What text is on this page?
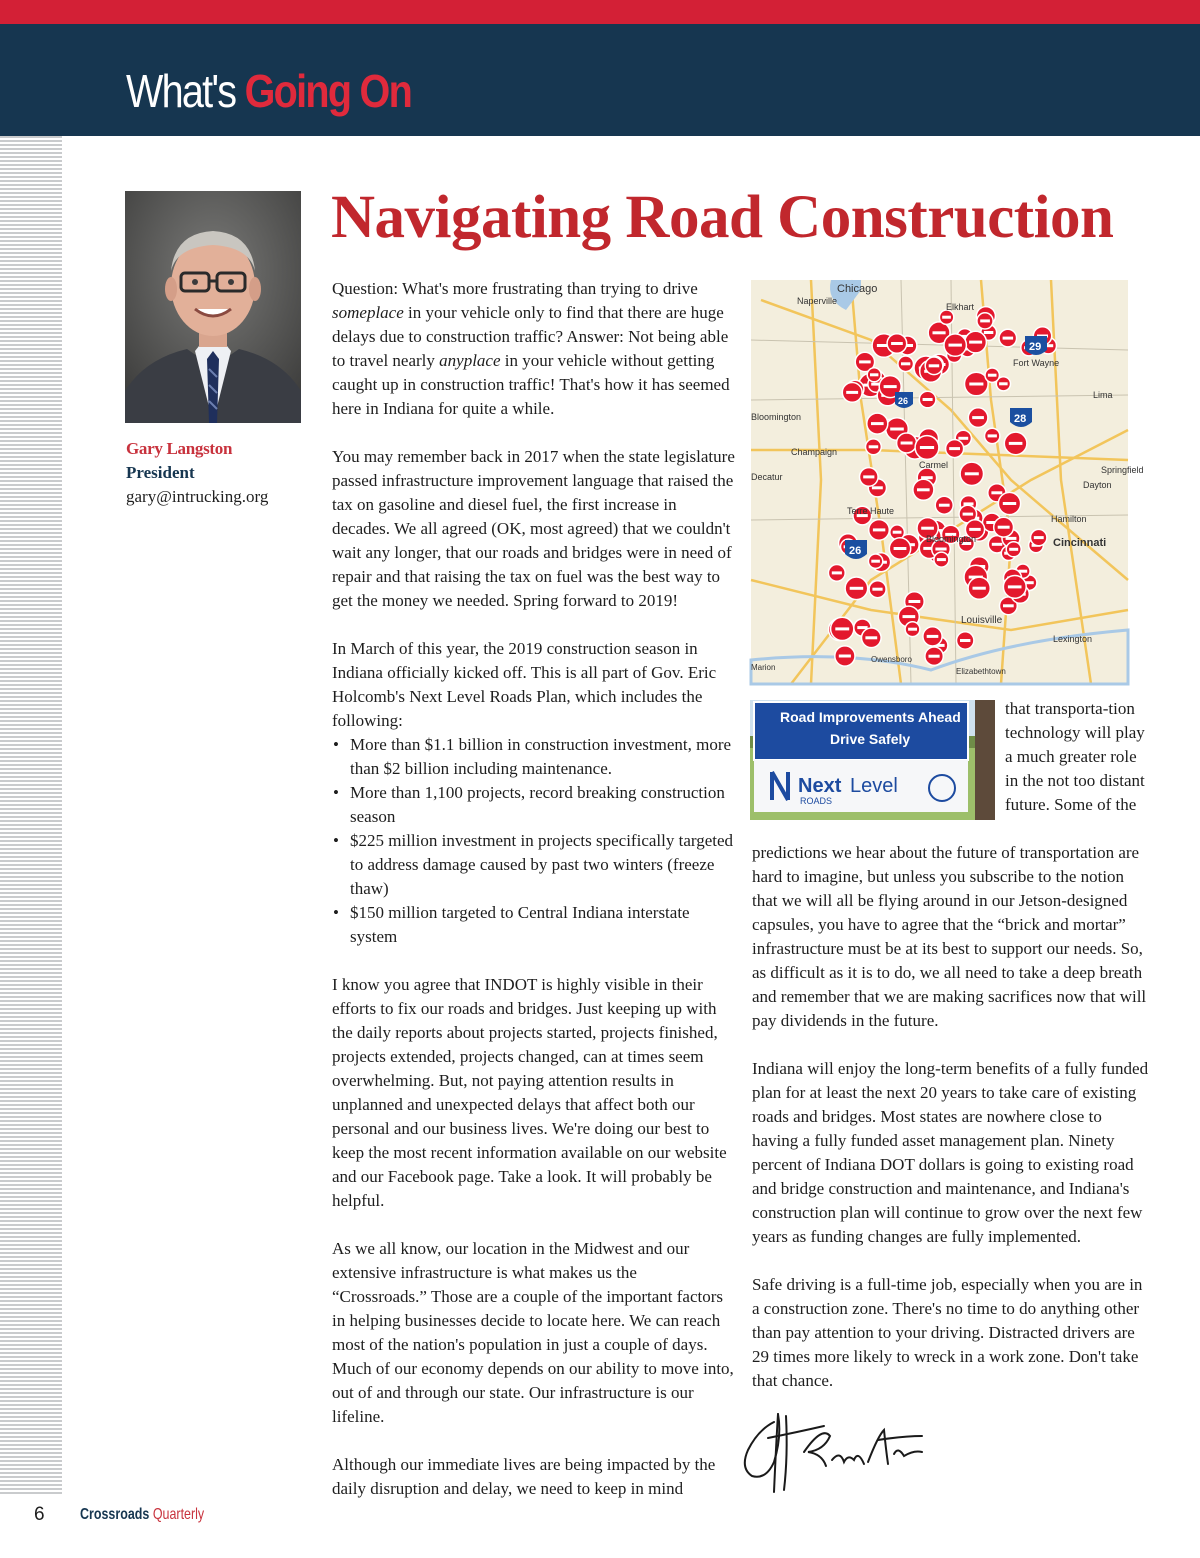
What's Going On
Gary Langston
President
gary@intrucking.org
Navigating Road Construction

Question: What's more frustrating than trying to drive someplace in your vehicle only to find that there are huge delays due to construction traffic? Answer: Not being able to travel nearly anyplace in your vehicle without getting caught up in construction traffic! That's how it has seemed here in Indiana for quite a while.

You may remember back in 2017 when the state legislature passed infrastructure improvement language that raised the tax on gasoline and diesel fuel, the first increase in decades. We all agreed (OK, most agreed) that we couldn't wait any longer, that our roads and bridges were in need of repair and that raising the tax on fuel was the best way to get the money we needed. Spring forward to 2019!

In March of this year, the 2019 construction season in Indiana officially kicked off. This is all part of Gov. Eric Holcomb's Next Level Roads Plan, which includes the following:

• More than $1.1 billion in construction investment, more than $2 billion including maintenance.
• More than 1,100 projects, record breaking construction season
• $225 million investment in projects specifically targeted to address damage caused by past two winters (freeze thaw)
• $150 million targeted to Central Indiana interstate system

I know you agree that INDOT is highly visible in their efforts to fix our roads and bridges. Just keeping up with the daily reports about projects started, projects finished, projects extended, projects changed, can at times seem overwhelming. But, not paying attention results in unplanned and unexpected delays that affect both our personal and our business lives. We're doing our best to keep the most recent information available on our website and our Facebook page. Take a look. It will probably be helpful.

As we all know, our location in the Midwest and our extensive infrastructure is what makes us the “Crossroads.” Those are a couple of the important factors in helping businesses decide to locate here. We can reach most of the nation's population in just a couple of days. Much of our economy depends on our ability to move into, out of and through our state. Our infrastructure is our lifeline.

Although our immediate lives are being impacted by the daily disruption and delay, we need to keep in mind

Chicago
Naperville
Elkhart
Fort Wayne
Lima
Bloomington
Champaign
Decatur
Carmel	Springfield
Dayton
Terre Haute
Bloomington
Hamilton
Cincinnati
Louisville
Lexington
Marion	Elizabethtown
Owensboro
29
26
28
26
Road Improvements Ahead
Drive Safely
Next Level
ROADS

that transporta-tion technology will play a much greater role in the not too distant future. Some of the

predictions we hear about the future of transportation are hard to imagine, but unless you subscribe to the notion that we will all be flying around in our Jetson-designed capsules, you have to agree that the “brick and mortar” infrastructure must be at its best to support our needs. So, as difficult as it is to do, we all need to take a deep breath and remember that we are making sacrifices now that will pay dividends in the future.

Indiana will enjoy the long-term benefits of a fully funded plan for at least the next 20 years to take care of existing roads and bridges. Most states are nowhere close to having a fully funded asset management plan. Ninety percent of Indiana DOT dollars is going to existing road and bridge construction and maintenance, and Indiana's construction plan will continue to grow over the next few years as funding changes are fully implemented.

Safe driving is a full-time job, especially when you are in a construction zone. There's no time to do anything other than pay attention to your driving. Distracted drivers are 29 times more likely to wreck in a work zone. Don't take that chance.

6 Crossroads Quarterly
